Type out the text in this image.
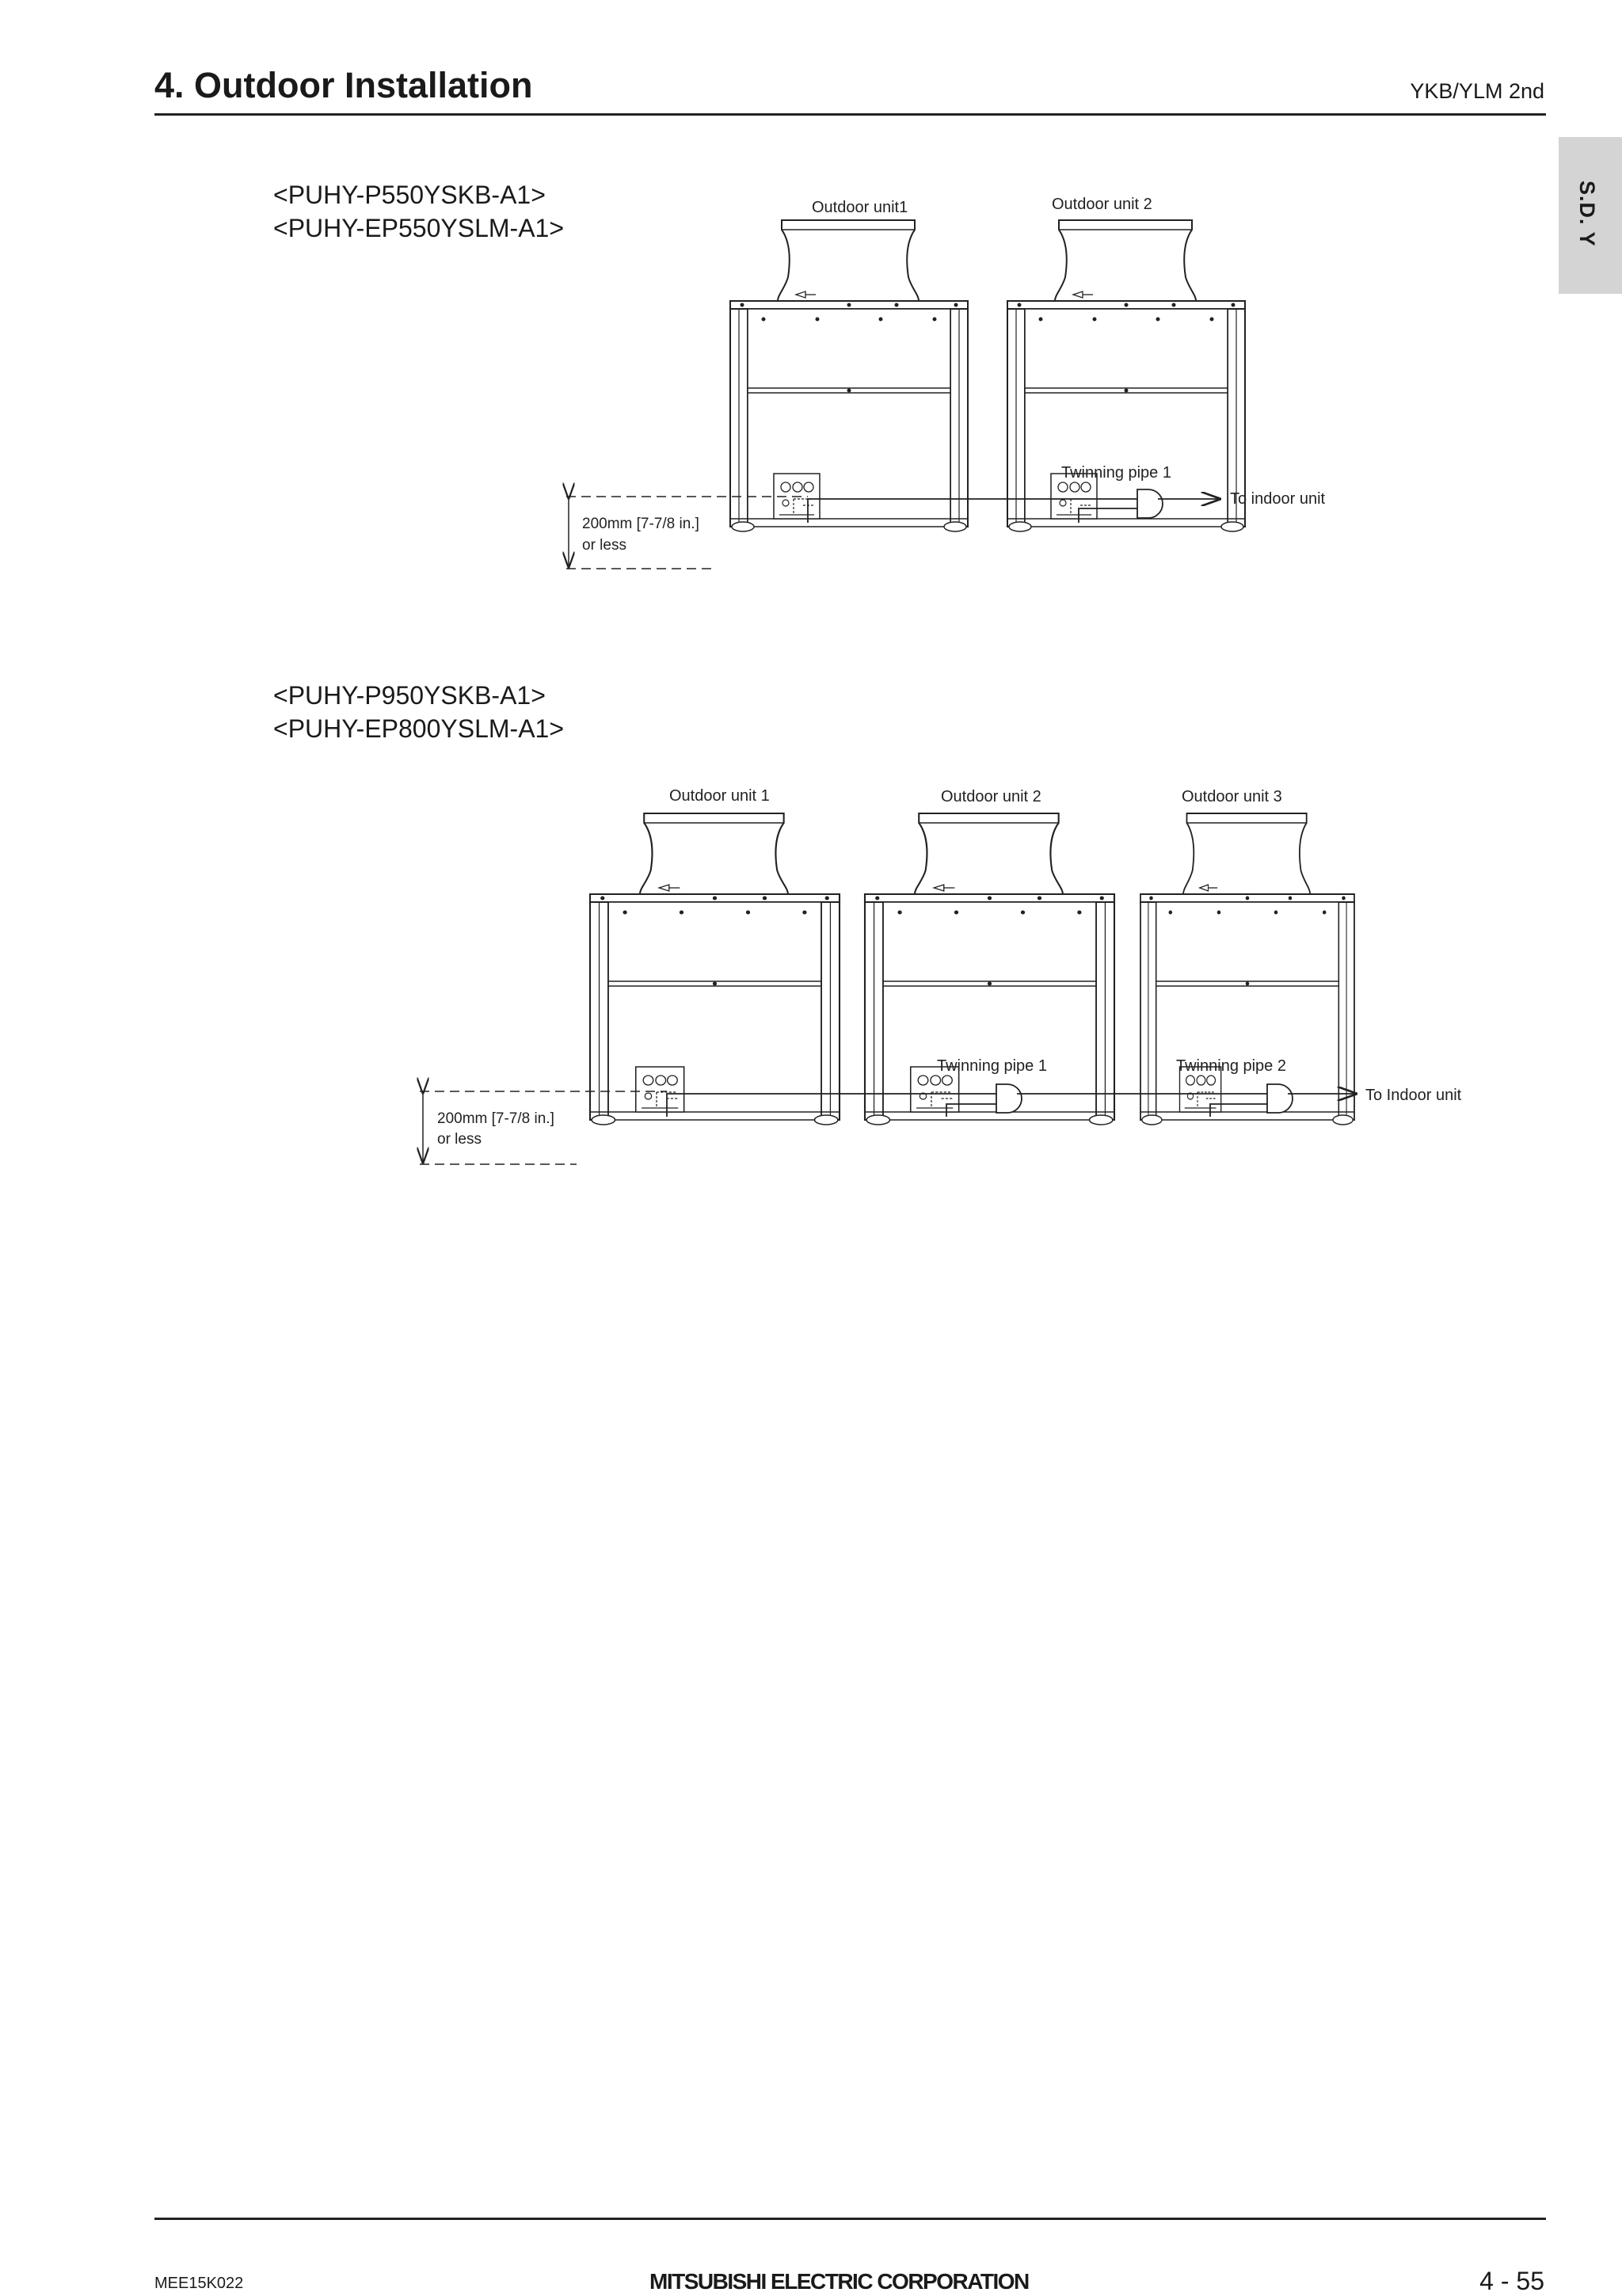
4. Outdoor Installation	YKB/YLM 2nd
S.D. Y
<PUHY-P550YSKB-A1>
<PUHY-EP550YSLM-A1>
<PUHY-P950YSKB-A1>
<PUHY-EP800YSLM-A1>
Outdoor unit1	Outdoor unit 2
Twinning pipe 1
To indoor unit
200mm [7-7/8 in.]
or less
Outdoor unit 1	Outdoor unit 2	Outdoor unit 3
Twinning pipe 1	Twinning pipe 2
To Indoor unit
200mm [7-7/8 in.]
or less
MEE15K022	MITSUBISHI ELECTRIC CORPORATION	4 - 55
